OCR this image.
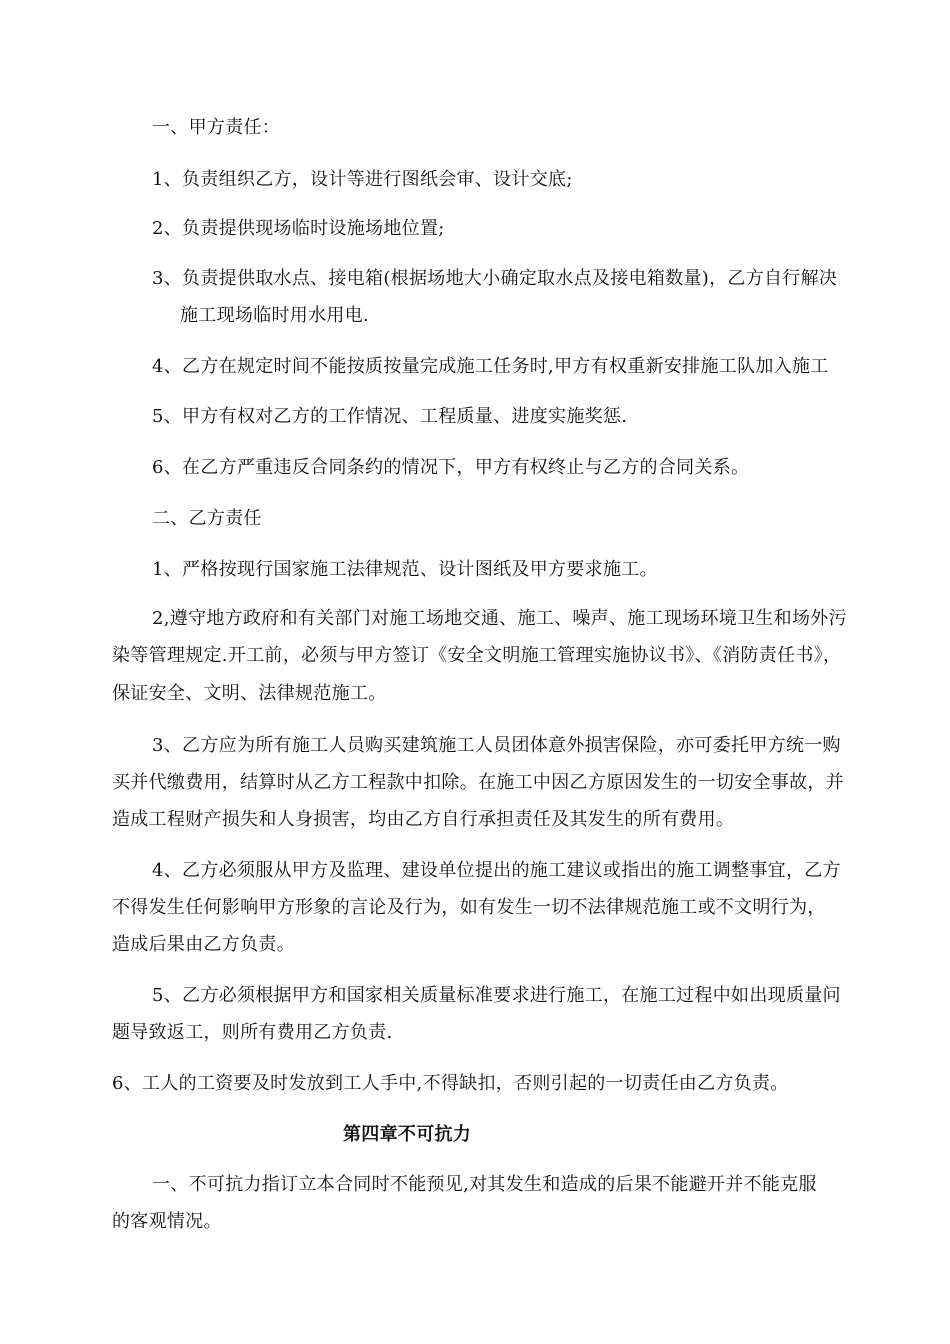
一、甲方责任：
1、负责组织乙方，设计等进行图纸会审、设计交底;
2、负责提供现场临时设施场地位置;
3、负责提供取水点、接电箱(根据场地大小确定取水点及接电箱数量)，乙方自行解决
施工现场临时用水用电.
4、乙方在规定时间不能按质按量完成施工任务时,甲方有权重新安排施工队加入施工
5、甲方有权对乙方的工作情况、工程质量、进度实施奖惩.
6、在乙方严重违反合同条约的情况下，甲方有权终止与乙方的合同关系。
二、乙方责任
1、严格按现行国家施工法律规范、设计图纸及甲方要求施工。
2,遵守地方政府和有关部门对施工场地交通、施工、噪声、施工现场环境卫生和场外污
染等管理规定.开工前，必须与甲方签订《安全文明施工管理实施协议书》、《消防责任书》，
保证安全、文明、法律规范施工。
3、乙方应为所有施工人员购买建筑施工人员团体意外损害保险，亦可委托甲方统一购
买并代缴费用，结算时从乙方工程款中扣除。在施工中因乙方原因发生的一切安全事故，并
造成工程财产损失和人身损害，均由乙方自行承担责任及其发生的所有费用。
4、乙方必须服从甲方及监理、建设单位提出的施工建议或指出的施工调整事宜，乙方
不得发生任何影响甲方形象的言论及行为，如有发生一切不法律规范施工或不文明行为，
造成后果由乙方负责。
5、乙方必须根据甲方和国家相关质量标准要求进行施工，在施工过程中如出现质量问
题导致返工，则所有费用乙方负责.
6、工人的工资要及时发放到工人手中,不得缺扣，否则引起的一切责任由乙方负责。
第四章不可抗力
一、不可抗力指订立本合同时不能预见,对其发生和造成的后果不能避开并不能克服
的客观情况。
